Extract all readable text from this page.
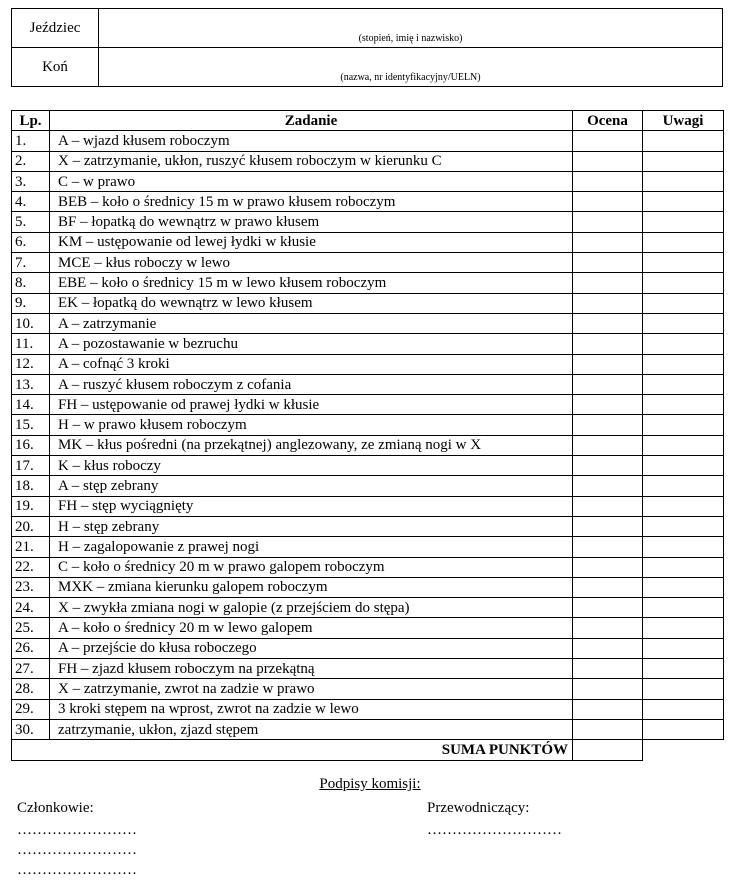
Jeździec	(stopień, imię i nazwisko)

Koń	(nazwa, nr identyfikacyjny/UELN)
Lp.	Zadanie	Ocena	Uwagi
1.	A – wjazd kłusem roboczym		
2.	X – zatrzymanie, ukłon, ruszyć kłusem roboczym w kierunku C		
3.	C – w prawo		
4.	BEB – koło o średnicy 15 m w prawo kłusem roboczym		
5.	BF – łopatką do wewnątrz w prawo kłusem		
6.	KM – ustępowanie od lewej łydki w kłusie		
7.	MCE – kłus roboczy w lewo		
8.	EBE – koło o średnicy 15 m w lewo kłusem roboczym		
9.	EK – łopatką do wewnątrz w lewo kłusem		
10.	A – zatrzymanie		
11.	A – pozostawanie w bezruchu		
12.	A – cofnąć 3 kroki		
13.	A – ruszyć kłusem roboczym z cofania		
14.	FH – ustępowanie od prawej łydki w kłusie		
15.	H – w prawo kłusem roboczym		
16.	MK – kłus pośredni (na przekątnej) anglezowany, ze zmianą nogi w X		
17.	K – kłus roboczy		
18.	A – stęp zebrany		
19.	FH – stęp wyciągnięty		
20.	H – stęp zebrany		
21.	H – zagalopowanie z prawej nogi		
22.	C – koło o średnicy 20 m w prawo galopem roboczym		
23.	MXK – zmiana kierunku galopem roboczym		
24.	X – zwykła zmiana nogi w galopie (z przejściem do stępa)		
25.	A – koło o średnicy 20 m w lewo galopem		
26.	A – przejście do kłusa roboczego		
27.	FH – zjazd kłusem roboczym na przekątną		
28.	X – zatrzymanie, zwrot na zadzie w prawo		
29.	3 kroki stępem na wprost, zwrot na zadzie w lewo		
30.	zatrzymanie, ukłon, zjazd stępem		
SUMA PUNKTÓW			
Podpisy komisji:
Członkowie:	Przewodniczący:
……………………
……………………
……………………
………………………
